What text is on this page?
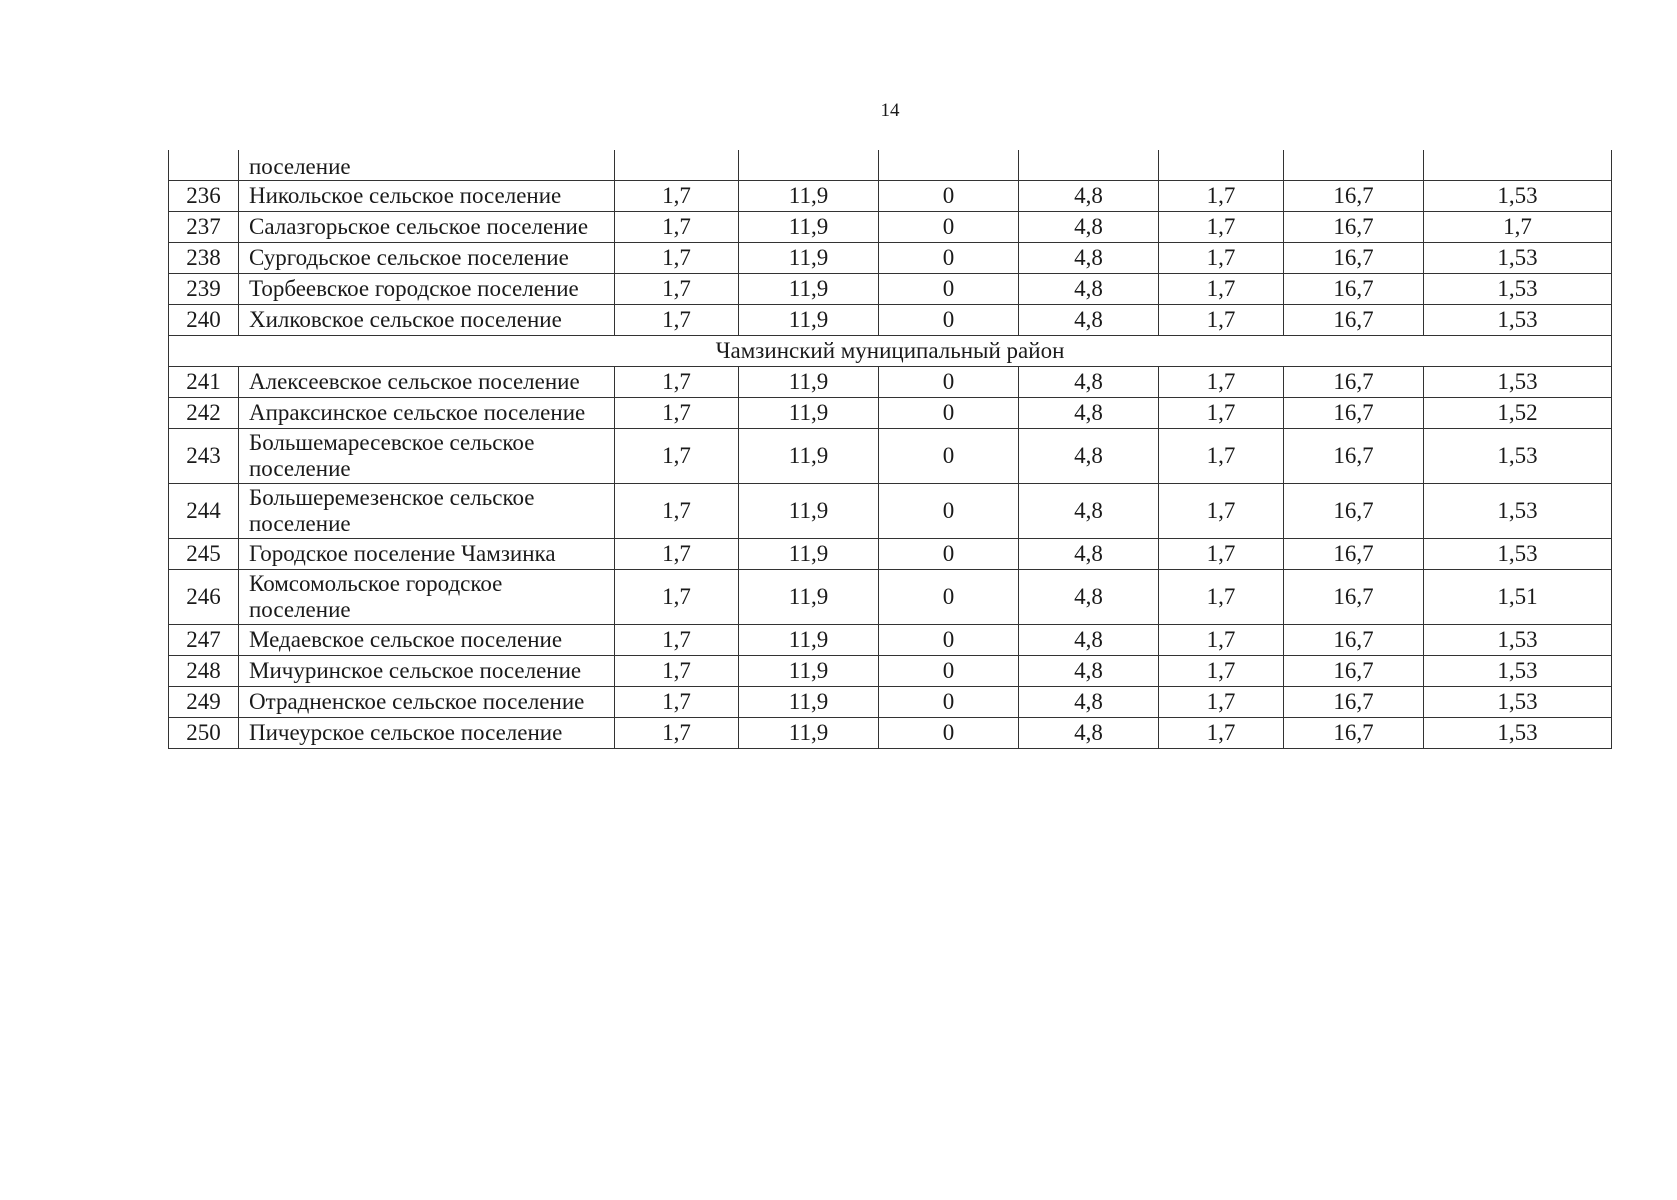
14
	поселение							
236	Никольское сельское поселение	1,7	11,9	0	4,8	1,7	16,7	1,53
237	Салазгорьское сельское поселение	1,7	11,9	0	4,8	1,7	16,7	1,7
238	Сургодьское сельское поселение	1,7	11,9	0	4,8	1,7	16,7	1,53
239	Торбеевское городское поселение	1,7	11,9	0	4,8	1,7	16,7	1,53
240	Хилковское сельское поселение	1,7	11,9	0	4,8	1,7	16,7	1,53
Чамзинский муниципальный район								
241	Алексеевское сельское поселение	1,7	11,9	0	4,8	1,7	16,7	1,53
242	Апраксинское сельское поселение	1,7	11,9	0	4,8	1,7	16,7	1,52
243	Большемаресевское сельское поселение	1,7	11,9	0	4,8	1,7	16,7	1,53
244	Большеремезенское сельское поселение	1,7	11,9	0	4,8	1,7	16,7	1,53
245	Городское поселение Чамзинка	1,7	11,9	0	4,8	1,7	16,7	1,53
246	Комсомольское городское поселение	1,7	11,9	0	4,8	1,7	16,7	1,51
247	Медаевское сельское поселение	1,7	11,9	0	4,8	1,7	16,7	1,53
248	Мичуринское сельское поселение	1,7	11,9	0	4,8	1,7	16,7	1,53
249	Отрадненское сельское поселение	1,7	11,9	0	4,8	1,7	16,7	1,53
250	Пичеурское сельское поселение	1,7	11,9	0	4,8	1,7	16,7	1,53
